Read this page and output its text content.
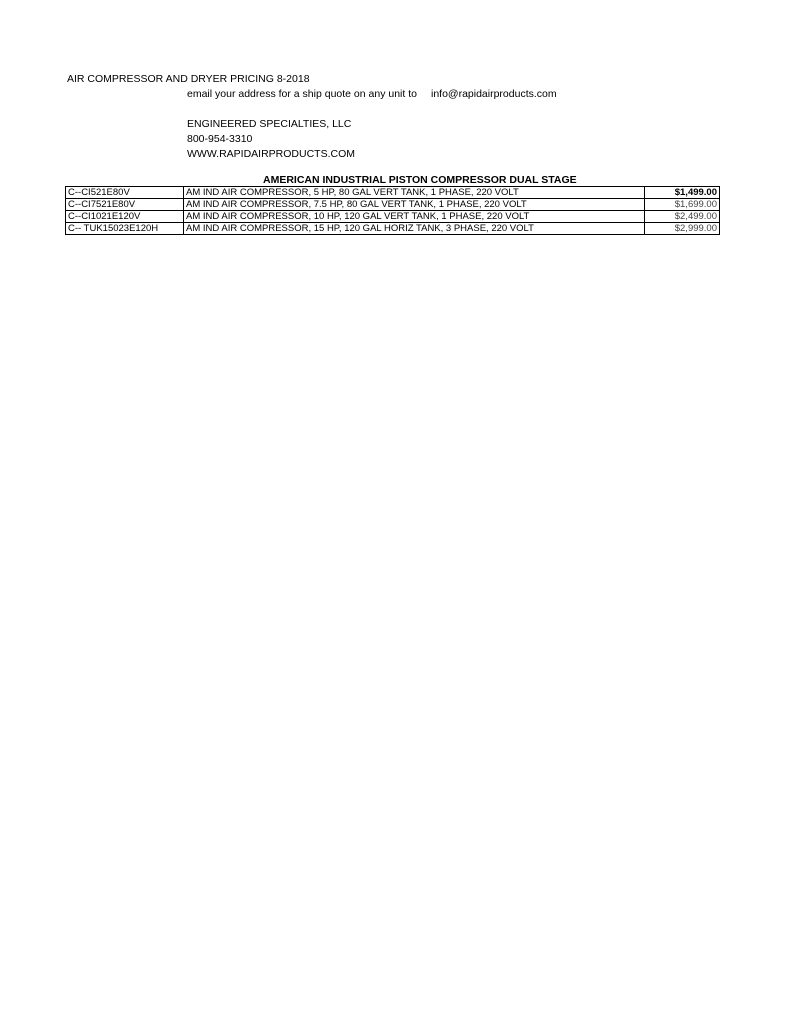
AIR COMPRESSOR AND DRYER PRICING 8-2018
email your address for a ship quote on any unit to info@rapidairproducts.com
ENGINEERED SPECIALTIES, LLC
800-954-3310
WWW.RAPIDAIRPRODUCTS.COM
AMERICAN INDUSTRIAL PISTON COMPRESSOR DUAL STAGE
C--CI521E80V	AM IND AIR COMPRESSOR, 5 HP, 80 GAL VERT TANK, 1 PHASE, 220 VOLT	$1,499.00
C--CI7521E80V	AM IND AIR COMPRESSOR, 7.5 HP, 80 GAL VERT TANK, 1 PHASE, 220 VOLT	$1,699.00
C--CI1021E120V	AM IND AIR COMPRESSOR, 10 HP, 120 GAL VERT TANK, 1 PHASE, 220 VOLT	$2,499.00
C-- TUK15023E120H	AM IND AIR COMPRESSOR, 15 HP, 120 GAL HORIZ TANK, 3 PHASE, 220 VOLT	$2,999.00
